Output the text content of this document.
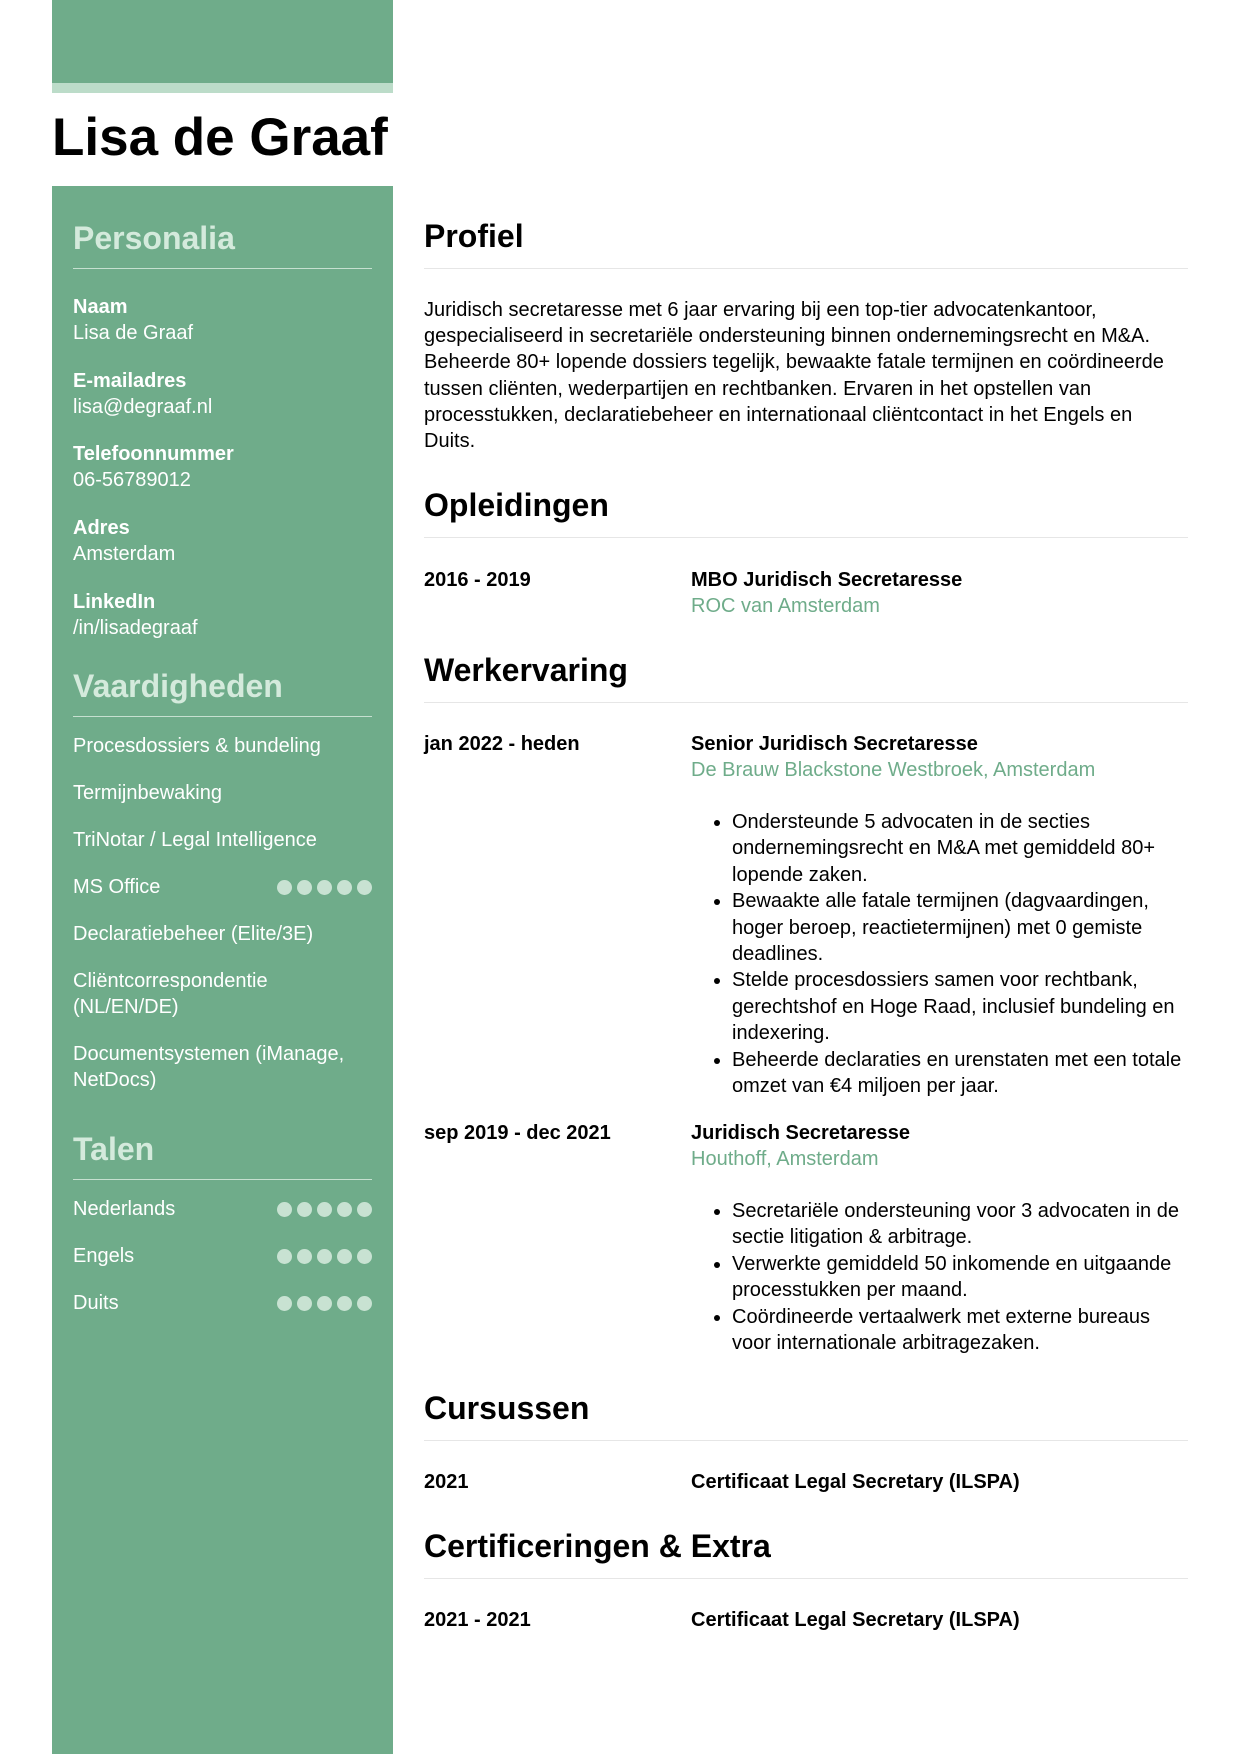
Lisa de Graaf
Personalia
Naam
Lisa de Graaf
E-mailadres
lisa@degraaf.nl
Telefoonnummer
06-56789012
Adres
Amsterdam
LinkedIn
/in/lisadegraaf
Vaardigheden
Procesdossiers & bundeling
Termijnbewaking
TriNotar / Legal Intelligence
MS Office
Declaratiebeheer (Elite/3E)
Cliëntcorrespondentie (NL/EN/DE)
Documentsystemen (iManage, NetDocs)
Talen
Nederlands
Engels
Duits
Profiel

Juridisch secretaresse met 6 jaar ervaring bij een top-tier advocatenkantoor, gespecialiseerd in secretariële ondersteuning binnen ondernemingsrecht en M&A. Beheerde 80+ lopende dossiers tegelijk, bewaakte fatale termijnen en coördineerde tussen cliënten, wederpartijen en rechtbanken. Ervaren in het opstellen van processtukken, declaratiebeheer en internationaal cliëntcontact in het Engels en Duits.

Opleidingen
2016 - 2019	MBO Juridisch Secretaresse
ROC van Amsterdam
Werkervaring
jan 2022 - heden	Senior Juridisch Secretaresse
De Brauw Blackstone Westbroek, Amsterdam
• Ondersteunde 5 advocaten in de secties ondernemingsrecht en M&A met gemiddeld 80+ lopende zaken.
• Bewaakte alle fatale termijnen (dagvaardingen, hoger beroep, reactietermijnen) met 0 gemiste deadlines.
• Stelde procesdossiers samen voor rechtbank, gerechtshof en Hoge Raad, inclusief bundeling en indexering.
• Beheerde declaraties en urenstaten met een totale omzet van €4 miljoen per jaar.
sep 2019 - dec 2021	Juridisch Secretaresse
Houthoff, Amsterdam
• Secretariële ondersteuning voor 3 advocaten in de sectie litigation & arbitrage.
• Verwerkte gemiddeld 50 inkomende en uitgaande processtukken per maand.
• Coördineerde vertaalwerk met externe bureaus voor internationale arbitragezaken.
Cursussen
2021	Certificaat Legal Secretary (ILSPA)
Certificeringen & Extra
2021 - 2021	Certificaat Legal Secretary (ILSPA)
